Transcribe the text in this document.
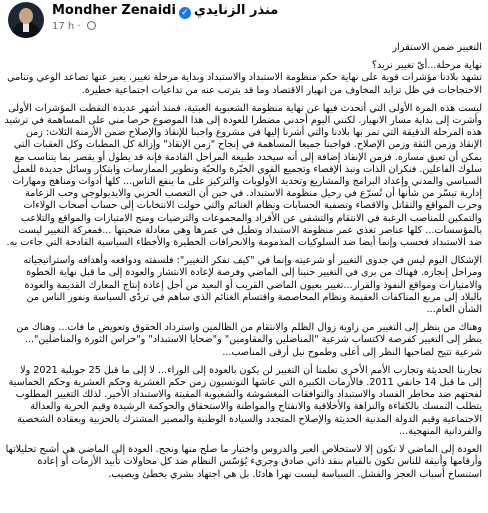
Mondher Zenaidi ✓ منذر الزنايدي
17 h ·

التغيير ضمن الاستقرار

نهاية مرحلة...أيّ تغيير نريد؟

تشهد بلادنا مؤشرات قوية على نهاية حكم منظومة الاستبداد والاستبداد وبداية مرحلة تغيير. يعبر عنها تصاعد الوعي وتنامي الاحتجاجات في ظل تزايد المخاوف من انهيار الاقتصاد وما قد يترتب عنه من تداعيات اجتماعية خطيرة.

ليست هذه المرة الأولى التي أتحدث فيها عن نهاية منظومة الشعبوية العبثية، فمنذ أشهر عديدة التقطت المؤشرات الأولى وأشرت إلى بداية مسار الانهيار. لكنني اليوم أجدني مضطرا للعودة إلى هذا الموضوع حرصا مني على المساهمة في ترشيد هذه المرحلة الدقيقة التي تمر بها بلادنا والتي أشرنا إليها في مشروع واجبنا للإنقاذ والإصلاح ضمن الأزمنة الثلاث: زمن الإنقاذ وزمن الثقة وزمن الإصلاح. فواجبنا جميعا المساهمة في إنجاح "زمن الإنقاذ" وإزالة كل المطبات وكل العقبات التي يمكن أن تعيق مساره. فزمن الإنقاذ إضافة إلى أنه سيحدد طبيعة المراحل القادمة فإنه قد يطول أو يقصر بما يتناسب مع سلوك الفاعلين. فنكران الذات ونبذ الإقصاء وتجميع القوى الخيّرة والحيّة وتطوير الممارسات وابتكار وسائل جديدة للعمل السياسي والمدني وإعداد البرامج والمشاريع وتحديد الأولويات والتركيز على ما ينفع الناس... كلها أدوات ومناهج ومهارات إدارية تيسّر من شأنها أن تُسرّع في رحيل منظومة الاستبداد. في حين أن التعصب الحزبي والايديولوجي وحب الزعامة وحرب المواقع والتقاتل والاقصاء وتصفية الحسابات ونظام الغنائم والتي حولت الانتخابات إلى حساب أصحاب الولاءات والتمكين للمناصب الرغبة في الانتقام والتشفي عن الأفراد والمجموعات والترضيات ومنح الامتيازات والمواقع والتلاعب بالمؤسسات... كلها عناصر تغذي عمر منظومة الاستبداد وتطيل في عمرها وهي معادلة ضحيتها ...فمعركة التغيير ليست ضد الاستبداد فحسب وإنما أيضا ضد السلوكيات المذمومة والانحرافات الخطيرة والأخطاء السياسية القادحة التي جاءت به.

الإشكال اليوم ليس في جدوى التغيير أو شرعيته وإنما في "كيف نفكر التغيير": فلسفته ودوافعه وأهدافه واستراتيجياته ومراحل إنجازه. فهناك من يرى في التغيير حنينا إلى الماضي وفرصة لإعادة الانتشار والعودة إلى ما قبل نهاية الخطوة والامتيازات ومواقع النفوذ والقرار...تغيير بعيون الماضي القريب أو البعيد من أجل إعادة إنتاج المعارك القديمة والعودة بالبلاد إلى مربع المناكفات العقيمة ونظام المحاصصة واقتسام الغنائم الذي ساهم في تردّي السياسة ونفور الناس من الشأن العام...

وهناك من ينظر إلى التغيير من زاوية زوال الظلم والانتقام من الظالمين واسترداد الحقوق وتعويض ما فات... وهناك من ينظر إلى التغيير كفرصة لاكتساب شرعية "المناضلين والمقاومين" و"ضحايا الاستبداد" و"حراس الثورة والمناضلين"... شرعية تتيح لصاحبها النظر إلى أعلى وطموح نيل أرقى المناصب...

تجاربنا الحديثة وتجارب الأمم الأخرى تعلمنا أن التغيير لن يكون بالعودة إلى الوراء... لا إلى ما قبل 25 جويلية 2021 ولا إلى ما قبل 14 جانفي 2011. فالأزمات الكبيرة التي عاشها التونسيون زمن حكم العشرية وحكم العشرية وحكم الخماسية لفحتهم ضد مخاطر الفساد والاستبداد والتوافقات المغشوشة والشعبوية المقيتة والاستبداد الأخير. لذلك التغيير المطلوب يتطلب التمسك بالكفاءة والنزاهة والأخلاقية والانفتاح والمواطنة والاستحقاق والحوكمة الرشيدة وقيم الحرية والعدالة الاجتماعية وقيم الدولة المدنية الحديثة والإصلاح المتجدد والسيادة الوطنية والمصير المشترك بالحزبية وبعقادة الشخصية والفردانية المنهجية...

العودة إلى الماضي لا تكون إلا لاستخلاص العبر والدروس واختيار ما صلح منها ونجح. العودة إلى الماضي هي أشبح تحليلاتها وأرقامها وأنيقة للناس تكون بالقيام بنقد ذاتي صادق وجريء يُؤسّس النظام ضد كل محاولات تأبيد الأزمات أو إعادة استنساخ أسباب العجز والفشل. السياسة ليست نهرا هادئا. بل هي اجتهاد بشري يخطئ ويصيب.
